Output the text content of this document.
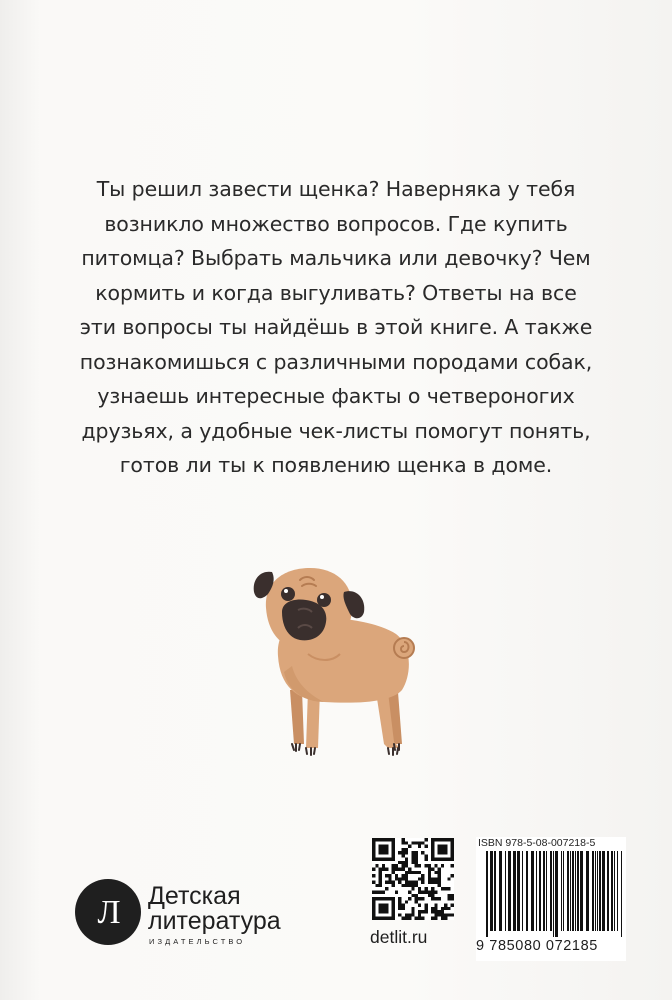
Ты решил завести щенка? Наверняка у тебя
возникло множество вопросов. Где купить
питомца? Выбрать мальчика или девочку? Чем
кормить и когда выгуливать? Ответы на все
эти вопросы ты найдёшь в этой книге. А также
познакомишься с различными породами собак,
узнаешь интересные факты о четвероногих
друзьях, а удобные чек-листы помогут понять,
готов ли ты к появлению щенка в доме.
Л Детская
литература
ИЗДАТЕЛЬСТВО	detlit.ru
ISBN 978-5-08-007218-5
9 785080 072185
